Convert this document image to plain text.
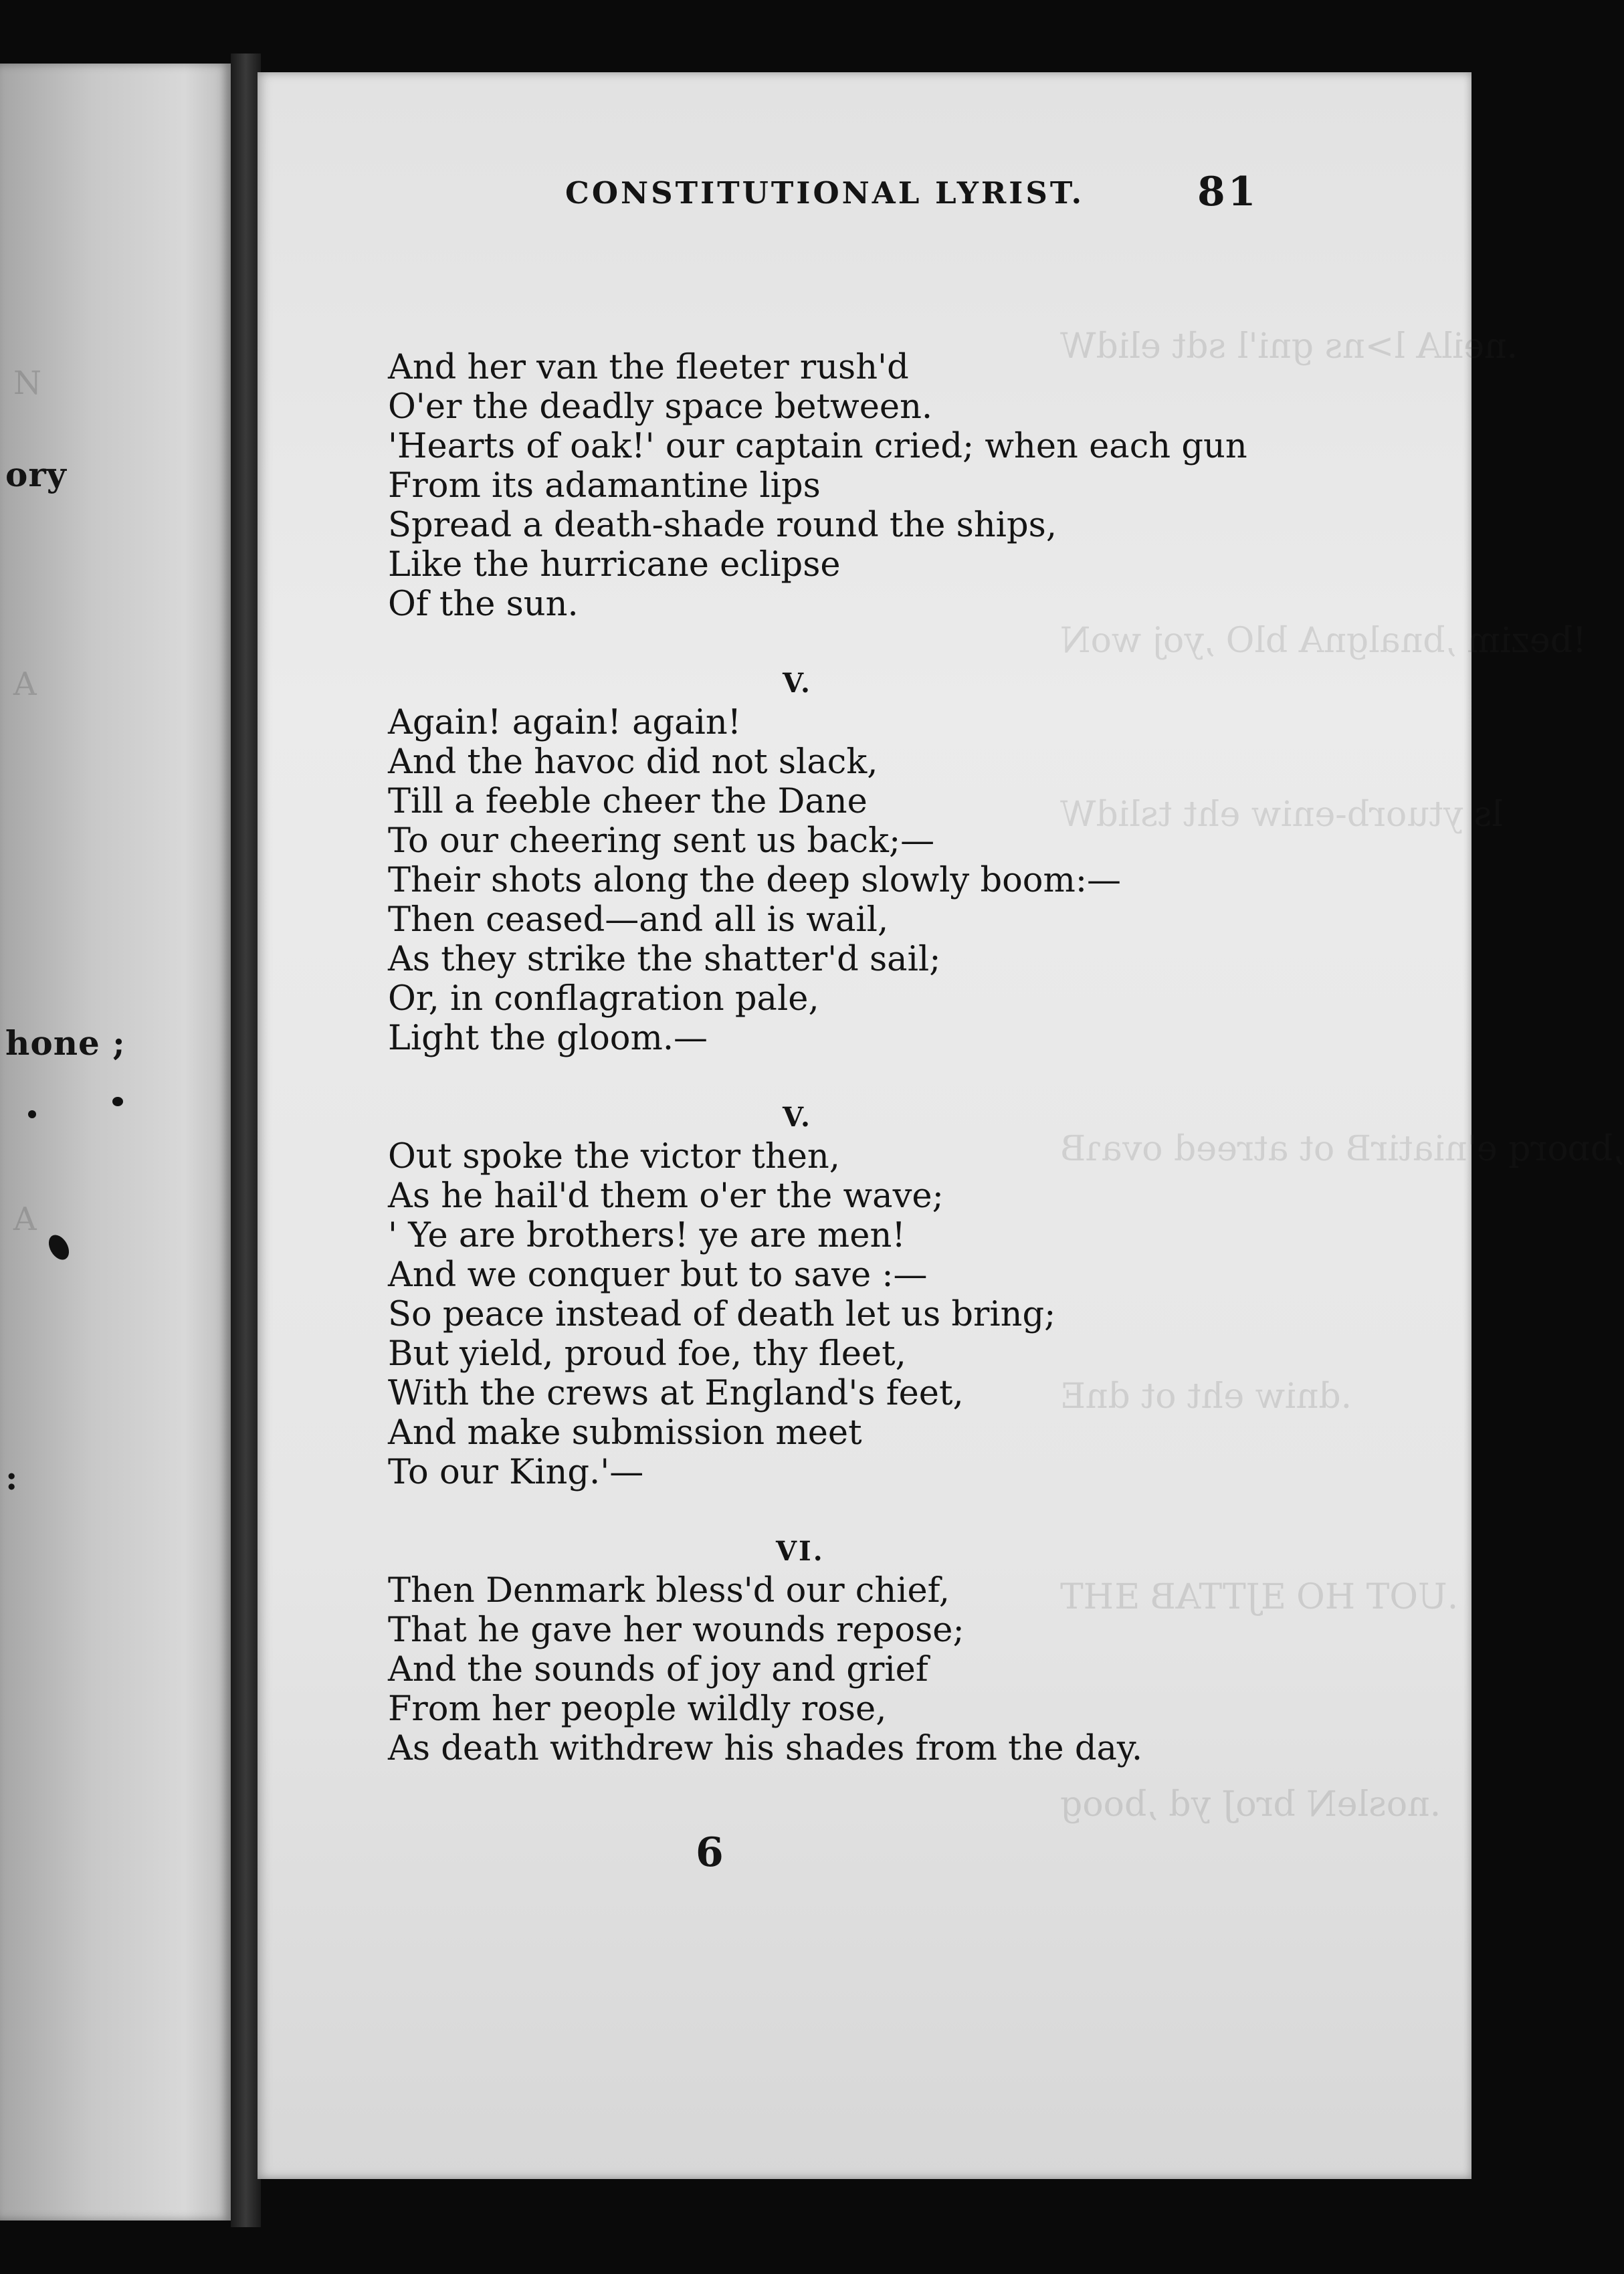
N
A
A
ory
hone ;
:
.neilA l>ns gni'l sdt elidW
!bezim ,bnalgnA blO ,yoj woN
ls ytuorb-eniw eht tslidW
,bɒorq e'niatirB ot atreed ovaɿB
.dniw eht ot dnE
.UOT HO ƎJTTAB ƎHT
.nosleN broJ yd ,boog
CONSTITUTIONAL LYRIST.	81
And her van the fleeter rush'd
O'er the deadly space between.
'Hearts of oak!' our captain cried; when each gun
From its adamantine lips
Spread a death-shade round the ships,
Like the hurricane eclipse
Of the sun.
V.
Again! again! again!
And the havoc did not slack,
Till a feeble cheer the Dane
To our cheering sent us back;—
Their shots along the deep slowly boom:—
Then ceased—and all is wail,
As they strike the shatter'd sail;
Or, in conflagration pale,
Light the gloom.—
V.
Out spoke the victor then,
As he hail'd them o'er the wave;
' Ye are brothers! ye are men!
And we conquer but to save :—
So peace instead of death let us bring;
But yield, proud foe, thy fleet,
With the crews at England's feet,
And make submission meet
To our King.'—
VI.
Then Denmark bless'd our chief,
That he gave her wounds repose;
And the sounds of joy and grief
From her people wildly rose,
As death withdrew his shades from the day.
6
